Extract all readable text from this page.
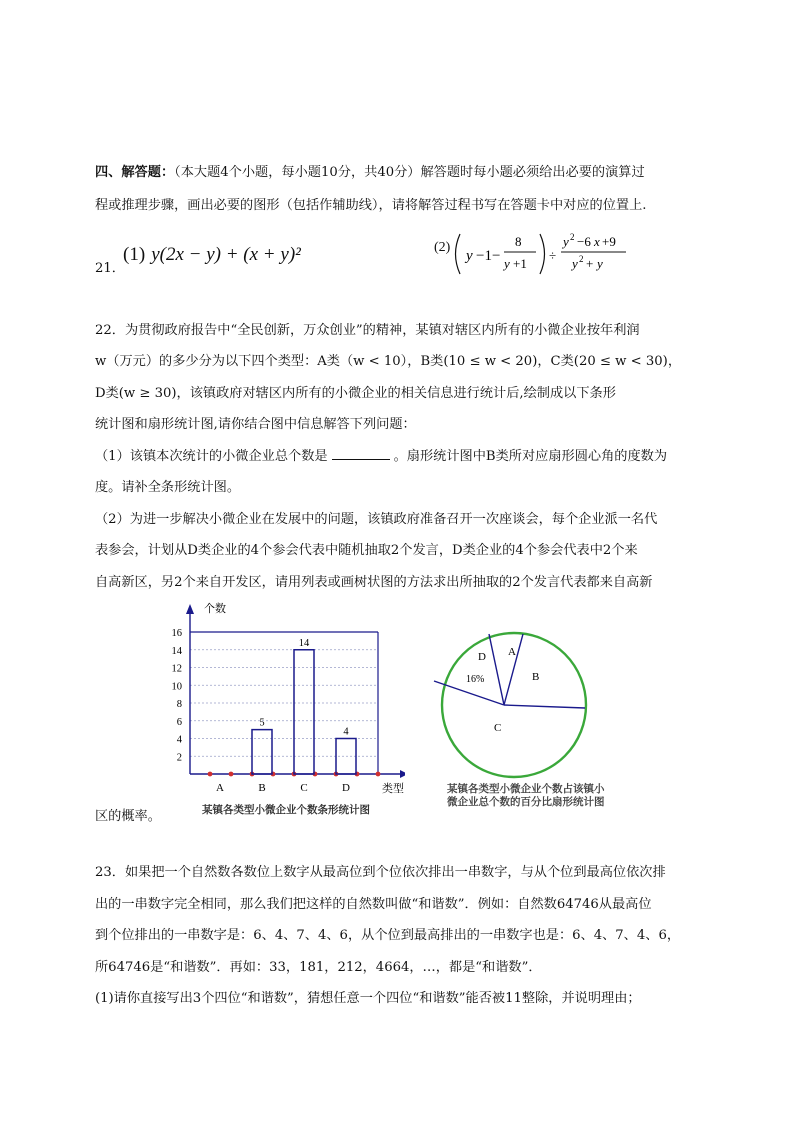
四、解答题：（本大题4个小题，每小题10分，共40分）解答题时每小题必须给出必要的演算过
程或推理步骤，画出必要的图形（包括作辅助线），请将解答过程书写在答题卡中对应的位置上.
21．
(1) y(2x − y) + (x + y)²	(2)
y −1−
8
y +1
÷
y 2 −6 x +9
y 2 + y
22．为贯彻政府报告中“全民创新，万众创业”的精神，某镇对辖区内所有的小微企业按年利润
w（万元）的多少分为以下四个类型：A类（w < 10），B类(10 ≤ w < 20)，C类(20 ≤ w < 30)，
D类(w ≥ 30)，该镇政府对辖区内所有的小微企业的相关信息进行统计后,绘制成以下条形
统计图和扇形统计图,请你结合图中信息解答下列问题：
（1）该镇本次统计的小微企业总个数是	。扇形统计图中B类所对应扇形圆心角的度数为
度。请补全条形统计图。
（2）为进一步解决小微企业在发展中的问题，该镇政府准备召开一次座谈会，每个企业派一名代
表参会，计划从D类企业的4个参会代表中随机抽取2个发言，D类企业的4个参会代表中2个来
自高新区，另2个来自开发区，请用列表或画树状图的方法求出所抽取的2个发言代表都来自高新
个数
类型
2
4
6
8
10
12
14
16
A	B
5
C
14
D
4
某镇各类型小微企业个数条形统计图
A
B
C
D
16%
某镇各类型小微企业个数占该镇小
微企业总个数的百分比扇形统计图
区的概率。
23．如果把一个自然数各数位上数字从最高位到个位依次排出一串数字，与从个位到最高位依次排
出的一串数字完全相同，那么我们把这样的自然数叫做“和谐数”．例如：自然数64746从最高位
到个位排出的一串数字是：6、4、7、4、6，从个位到最高排出的一串数字也是：6、4、7、4、6，
所64746是“和谐数”．再如：33，181，212，4664，…，都是“和谐数”．
(1)请你直接写出3个四位“和谐数”，猜想任意一个四位“和谐数”能否被11整除，并说明理由；
